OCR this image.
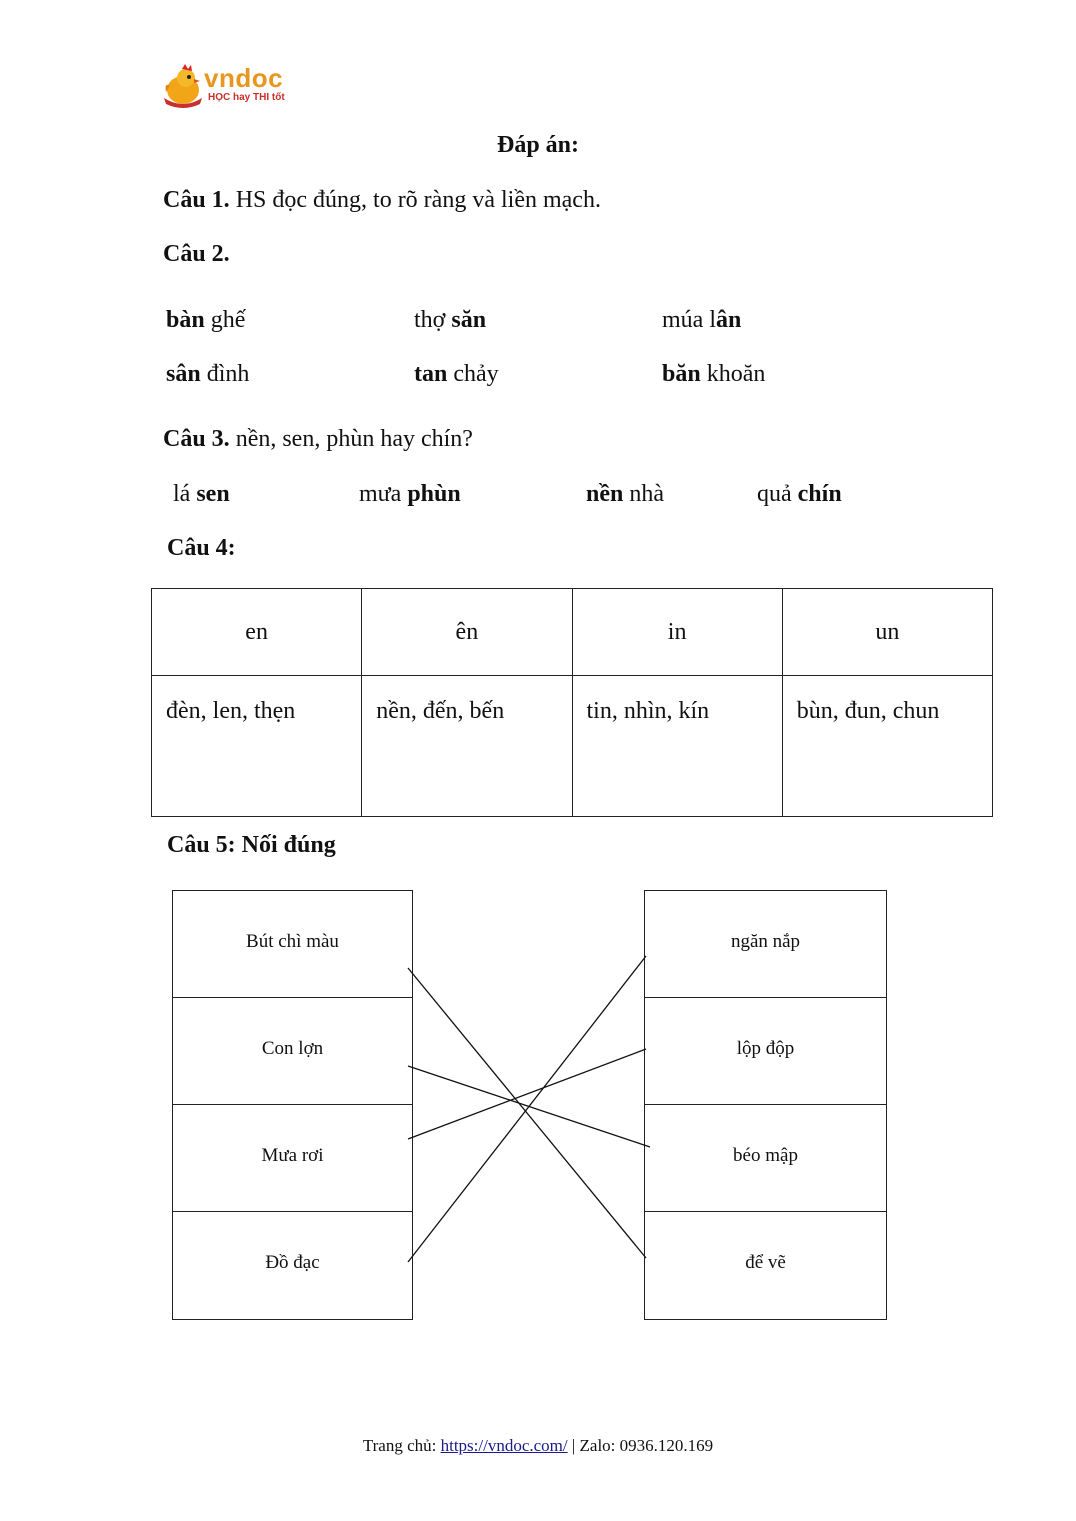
vndoc
HỌC hay THI tốt
Đáp án:
Câu 1. HS đọc đúng, to rõ ràng và liền mạch.
Câu 2.
bàn ghế	thợ săn	múa lân
sân đình	tan chảy	băn khoăn
Câu 3. nền, sen, phùn hay chín?
lá sen	mưa phùn	nền nhà	quả chín
Câu 4:
en	ên	in	un
đèn, len, thẹn	nền, đến, bến	tin, nhìn, kín	bùn, đun, chun
Câu 5: Nối đúng
Bút chì màu
Con lợn
Mưa rơi
Đồ đạc
ngăn nắp
lộp độp
béo mập
để vẽ
Trang chủ: https://vndoc.com/ | Zalo: 0936.120.169
